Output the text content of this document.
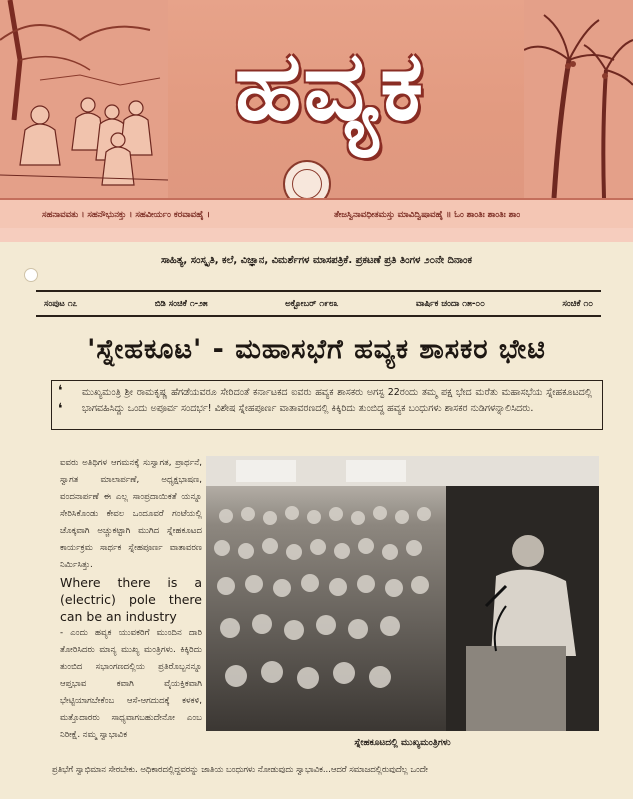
ಹವ್ಯಕ
ಸಹನಾವವತು । ಸಹನೌಭುನಕ್ತು । ಸಹವೀರ್ಯಂ ಕರವಾವಹೈ ।	ತೇಜಸ್ವಿನಾವಧೀತಮಸ್ತು ಮಾವಿದ್ವಿಷಾವಹೈ ॥ ಓಂ ಶಾಂತಿಃ ಶಾಂತಿಃ ಶಾಂ
ಸಾಹಿತ್ಯ, ಸಂಸ್ಕೃತಿ, ಕಲೆ, ವಿಜ್ಞಾನ, ವಿಮರ್ಶೆಗಳ ಮಾಸಪತ್ರಿಕೆ. ಪ್ರಕಟಣೆ ಪ್ರತಿ ತಿಂಗಳ ೨೦ನೇ ದಿನಾಂಕ
ಸಂಪುಟ ೧೭	ಬಿಡಿ ಸಂಚಿಕೆ ೧-೨೫	ಅಕ್ಟೋಬರ್ ೧೯೮೩	ವಾರ್ಷಿಕ ಚಂದಾ ೧೫-೦೦	ಸಂಚಿಕೆ ೧೦
'ಸ್ನೇಹಕೂಟ' - ಮಹಾಸಭೆಗೆ ಹವ್ಯಕ ಶಾಸಕರ ಭೇಟಿ
❛
❛
ಮುಖ್ಯಮಂತ್ರಿ ಶ್ರೀ ರಾಮಕೃಷ್ಣ ಹೆಗಡೆಯವರೂ ಸೇರಿದಂತೆ ಕರ್ನಾಟಕದ ಐವರು ಹವ್ಯಕ ಶಾಸಕರು ಅಗಸ್ಟ 22ರಂದು ತಮ್ಮ ಪಕ್ಷ ಭೇದ ಮರೆತು ಮಹಾಸಭೆಯ ಸ್ನೇಹಕೂಟದಲ್ಲಿ ಭಾಗವಹಿಸಿದ್ದು ಒಂದು ಅಪೂರ್ವ ಸಂದರ್ಭ! ವಿಶೇಷ ಸ್ನೇಹಪೂರ್ಣ ವಾತಾವರಣದಲ್ಲಿ ಕಿಕ್ಕಿರಿದು ತುಂಬಿದ್ದ ಹವ್ಯಕ ಬಂಧುಗಳು ಶಾಸಕರ ನುಡಿಗಳನ್ನಾಲಿಸಿದರು.

ಐವರು ಅತಿಥಿಗಳ ಆಗಮನಕ್ಕೆ ಸುಸ್ವಾಗತ, ಪ್ರಾರ್ಥನೆ, ಸ್ವಾಗತ ಮಾಲಾರ್ಪಣೆ, ಅಧ್ಯಕ್ಷಭಾಷಣ, ವಂದನಾರ್ಪಣೆ ಈ ಎಲ್ಲ ಸಾಂಪ್ರದಾಯಿಕತೆ ಯನ್ನೂ ಸೇರಿಸಿಕೊಂಡು ಕೇವಲ ಒಂದೂವರೆ ಗಂಟೆಯಲ್ಲಿ ಚೊಕ್ಕವಾಗಿ ಅಚ್ಚುಕಟ್ಟಾಗಿ ಮುಗಿದ ಸ್ನೇಹಕೂಟದ ಕಾರ್ಯಕ್ರಮ ಸಾರ್ಥಕ ಸ್ನೇಹಪೂರ್ಣ ವಾತಾವರಣ ನಿರ್ಮಿಸಿತ್ತು.

Where there is a (electric) pole there can be an industry

- ಎಂದು ಹವ್ಯಕ ಯುವಕರಿಗೆ ಮುಂದಿನ ದಾರಿ ತೋರಿಸಿದರು ಮಾನ್ಯ ಮುಖ್ಯ ಮಂತ್ರಿಗಳು. ಕಿಕ್ಕಿರಿದು ತುಂಬಿದ ಸಭಾಂಗಣದಲ್ಲಿಯ ಪ್ರತಿರೊಬ್ಬನನ್ನೂ ಆಪ್ತಭಾವ ಕವಾಗಿ ವೈಯಕ್ತಿಕವಾಗಿ ಭೇಟ್ಟಿಯಾಗಬೇಕೆಂಬ ಆಸೆ-ಆಗದುದಕ್ಕೆ ಕಳಕಳಿ, ಮತ್ತೊದಾರರು ಸಾಧ್ಯವಾಗಬಹುದೇನೋ ಎಂಬ ನಿರೀಕ್ಷೆ. ನಮ್ಮ ಸ್ವಾಭಾವಿಕ

ಸ್ನೇಹಕೂಟದಲ್ಲಿ ಮುಖ್ಯಮಂತ್ರಿಗಳು
ಪ್ರತಿಭೆಗೆ ಸ್ವಾಭಿಮಾನ ಸೇರಬೇಕು. ಅಧಿಕಾರದಲ್ಲಿದ್ದವರನ್ನು ಜಾತಿಯ ಬಂಧುಗಳು ನೋಡುವುದು ಸ್ವಾಭಾವಿಕ...ಆದರೆ ಸಮಾಜದಲ್ಲಿರುವುದೆಲ್ಲ ಒಂದೇ
